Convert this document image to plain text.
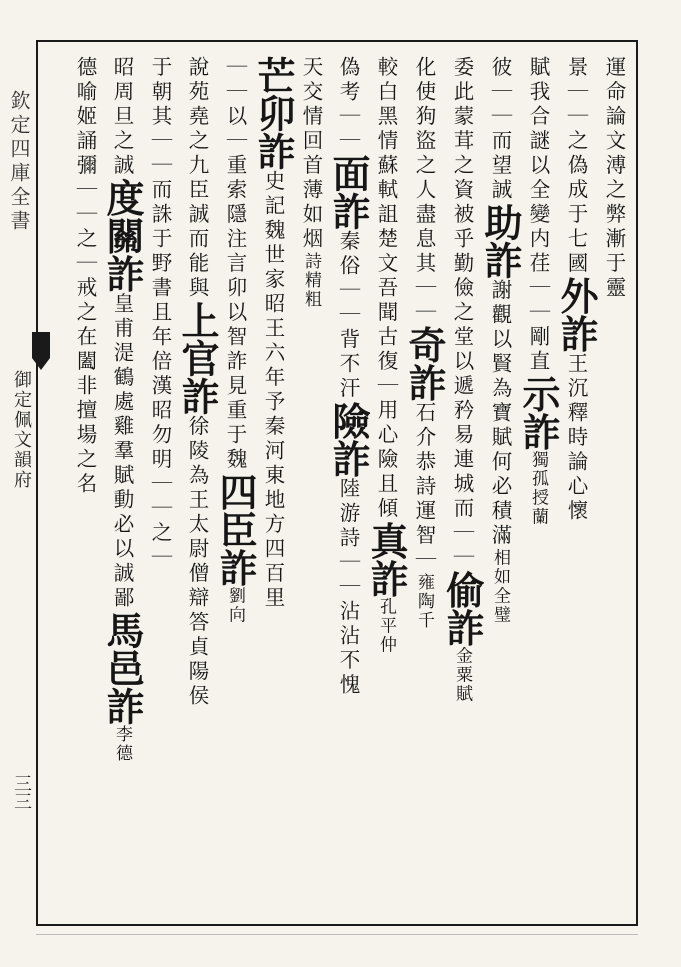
欽定四庫全書
御定佩文韻府
三三
運命論文溥之弊漸于靈
景｜｜之偽成于七國外詐王沉釋時論心懷
賦我合謎以全變内荏｜｜剛直示詐獨孤授蘭
彼｜｜而望誠助詐謝觀以賢為寶賦何必積滿相如全璧
委此蒙茸之資被乎勤儉之堂以遞矜易連城而｜｜偷詐金粟賦
化使狗盜之人盡息其｜｜奇詐石介恭詩運智｜雍陶千
較白黑情蘇軾詛楚文吾聞古復｜用心險且傾真詐孔平仲
偽考｜｜面詐秦俗｜｜背不汗險詐陸游詩｜｜沾沾不愧
天交情回首薄如烟詩精粗
芒卯詐史記魏世家昭王六年予秦河東地方四百里
｜｜以｜重索隱注言卯以智詐見重于魏四臣詐劉向
說苑堯之九臣誠而能與上官詐徐陵為王太尉僧辯答貞陽侯
于朝其｜｜而誅于野書且年倍漢昭勿明｜｜之｜
昭周旦之誠度關詐皇甫湜鶴處雞羣賦動必以誠鄙馬邑詐李德
德喻姬誦彌｜｜之｜戒之在闔非擅場之名
